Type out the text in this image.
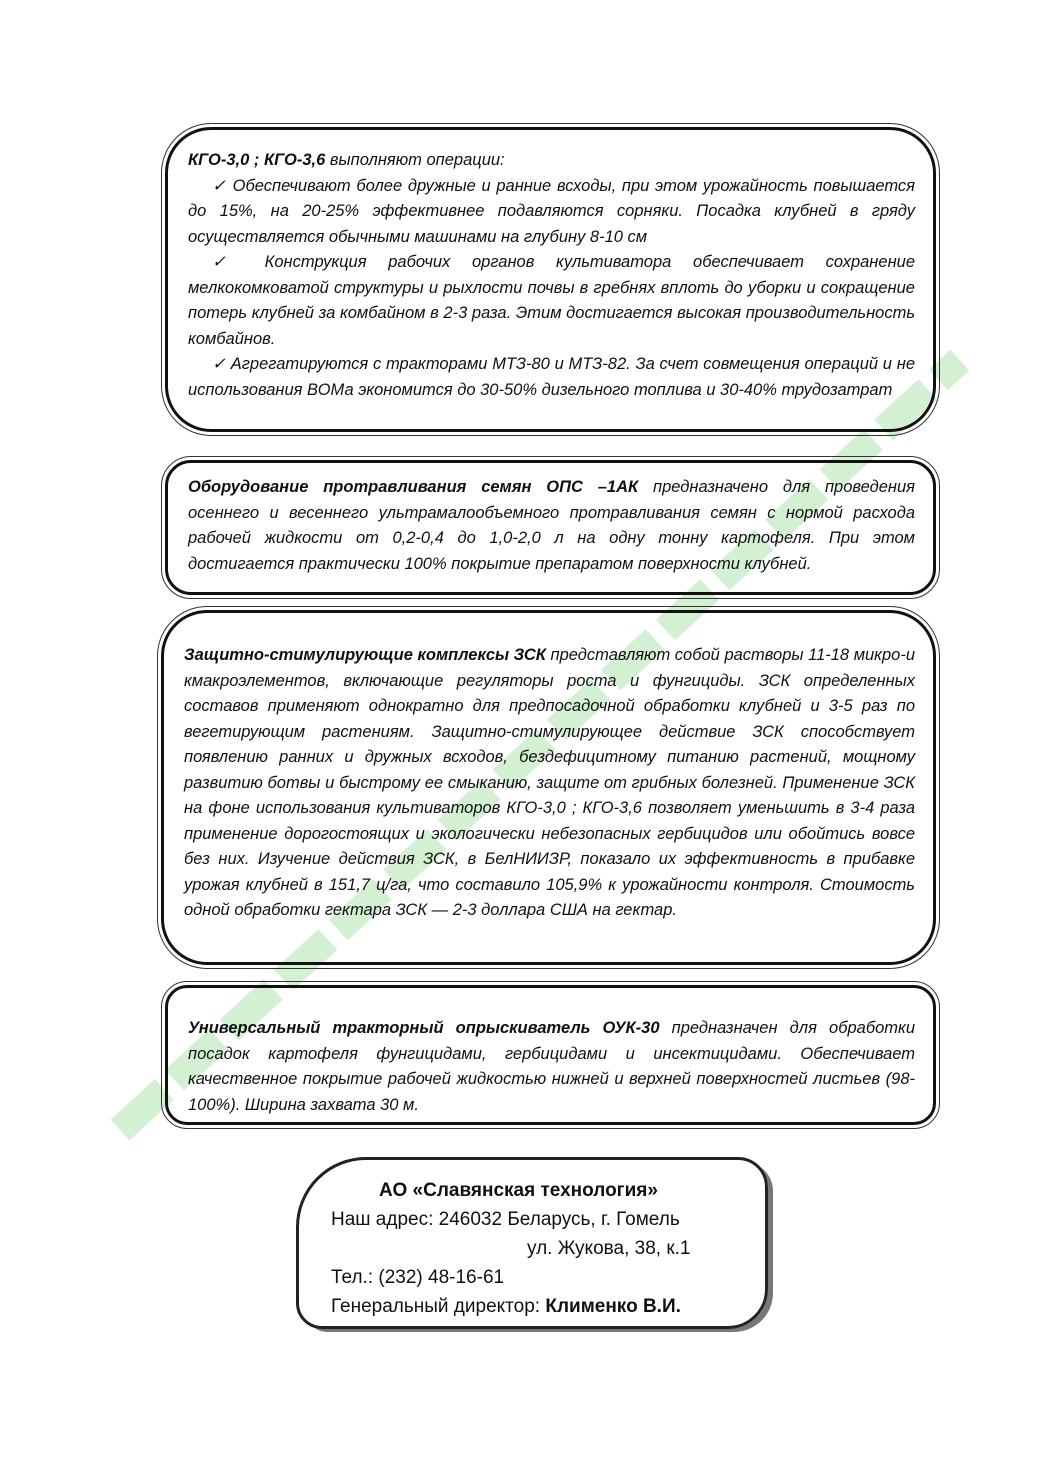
КГО-3,0 ; КГО-3,6 выполняют операции:

✓ Обеспечивают более дружные и ранние всходы, при этом урожайность повышается до 15%, на 20-25% эффективнее подавляются сорняки. Посадка клубней в гряду осуществляется обычными машинами на глубину 8-10 см

✓ Конструкция рабочих органов культиватора обеспечивает сохранение мелкокомковатой структуры и рыхлости почвы в гребнях вплоть до уборки и сокращение потерь клубней за комбайном в 2-3 раза. Этим достигается высокая производительность комбайнов.

✓ Агрегатируются с тракторами МТЗ-80 и МТЗ-82. За счет совмещения операций и не использования ВОМа экономится до 30-50% дизельного топлива и 30-40% трудозатрат

Оборудование протравливания семян ОПС –1АК предназначено для проведения осеннего и весеннего ультрамалообъемного протравливания семян с нормой расхода рабочей жидкости от 0,2-0,4 до 1,0-2,0 л на одну тонну картофеля. При этом достигается практически 100% покрытие препаратом поверхности клубней.

Защитно-стимулирующие комплексы ЗСК представляют собой растворы 11-18 микро-и кмакроэлементов, включающие регуляторы роста и фунгициды. ЗСК определенных составов применяют однократно для предпосадочной обработки клубней и 3-5 раз по вегетирующим растениям. Защитно-стимулирующее действие ЗСК способствует появлению ранних и дружных всходов, бездефицитному питанию растений, мощному развитию ботвы и быстрому ее смыканию, защите от грибных болезней. Применение ЗСК на фоне использования культиваторов КГО-3,0 ; КГО-3,6 позволяет уменьшить в 3-4 раза применение дорогостоящих и экологически небезопасных гербицидов или обойтись вовсе без них. Изучение действия ЗСК, в БелНИИЗР, показало их эффективность в прибавке урожая клубней в 151,7 ц/га, что составило 105,9% к урожайности контроля. Стоимость одной обработки гектара ЗСК — 2-3 доллара США на гектар.

Универсальный тракторный опрыскиватель ОУК-30 предназначен для обработки посадок картофеля фунгицидами, гербицидами и инсектицидами. Обеспечивает качественное покрытие рабочей жидкостью нижней и верхней поверхностей листьев (98-100%). Ширина захвата 30 м.

АО «Славянская технология»
Наш адрес: 246032 Беларусь, г. Гомель
ул. Жукова, 38, к.1
Тел.: (232) 48-16-61
Генеральный директор: Клименко В.И.
